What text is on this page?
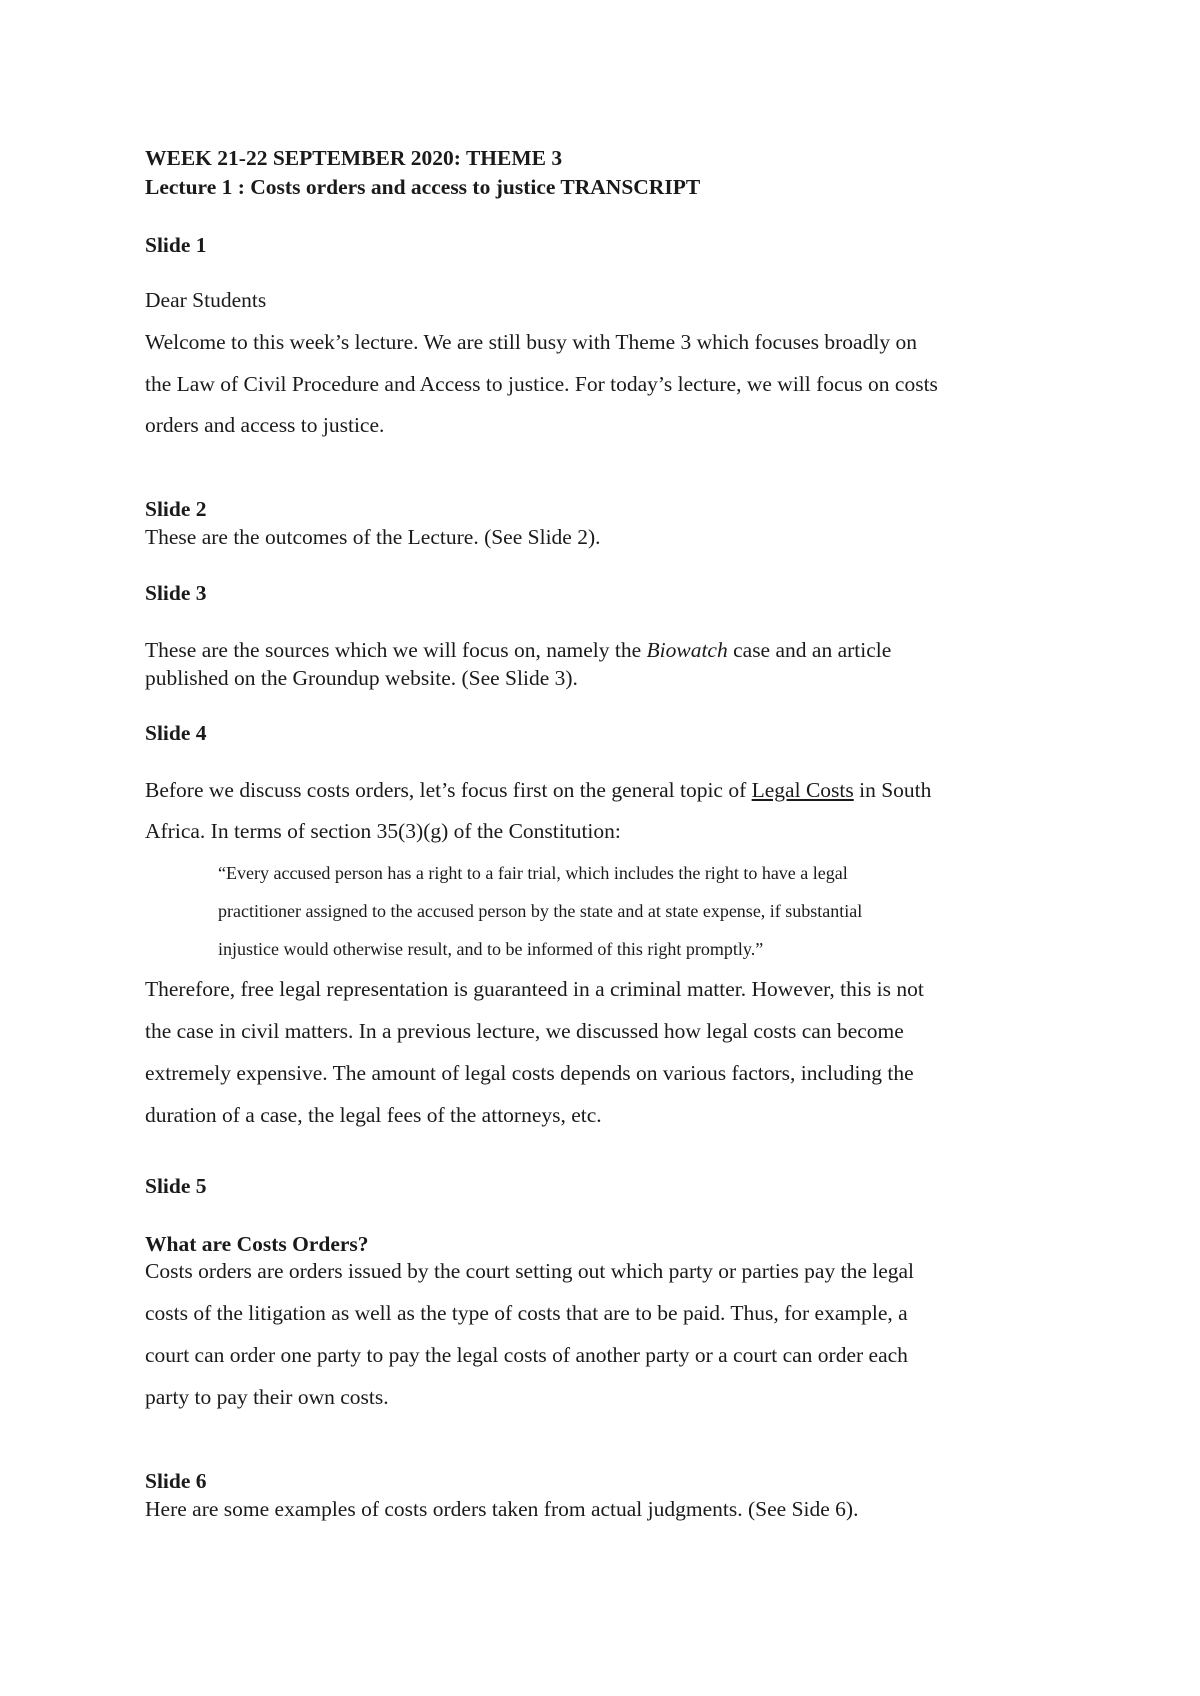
WEEK 21-22 SEPTEMBER 2020: THEME 3
Lecture 1 : Costs orders and access to justice TRANSCRIPT
Slide 1
Dear Students
Welcome to this week’s lecture. We are still busy with Theme 3 which focuses broadly on
the Law of Civil Procedure and Access to justice. For today’s lecture, we will focus on costs
orders and access to justice.
Slide 2
These are the outcomes of the Lecture. (See Slide 2).
Slide 3
These are the sources which we will focus on, namely the Biowatch case and an article
published on the Groundup website. (See Slide 3).
Slide 4
Before we discuss costs orders, let’s focus first on the general topic of Legal Costs in South
Africa. In terms of section 35(3)(g) of the Constitution:
“Every accused person has a right to a fair trial, which includes the right to have a legal
practitioner assigned to the accused person by the state and at state expense, if substantial
injustice would otherwise result, and to be informed of this right promptly.”
Therefore, free legal representation is guaranteed in a criminal matter. However, this is not
the case in civil matters. In a previous lecture, we discussed how legal costs can become
extremely expensive. The amount of legal costs depends on various factors, including the
duration of a case, the legal fees of the attorneys, etc.
Slide 5
What are Costs Orders?
Costs orders are orders issued by the court setting out which party or parties pay the legal
costs of the litigation as well as the type of costs that are to be paid. Thus, for example, a
court can order one party to pay the legal costs of another party or a court can order each
party to pay their own costs.
Slide 6
Here are some examples of costs orders taken from actual judgments. (See Side 6).
